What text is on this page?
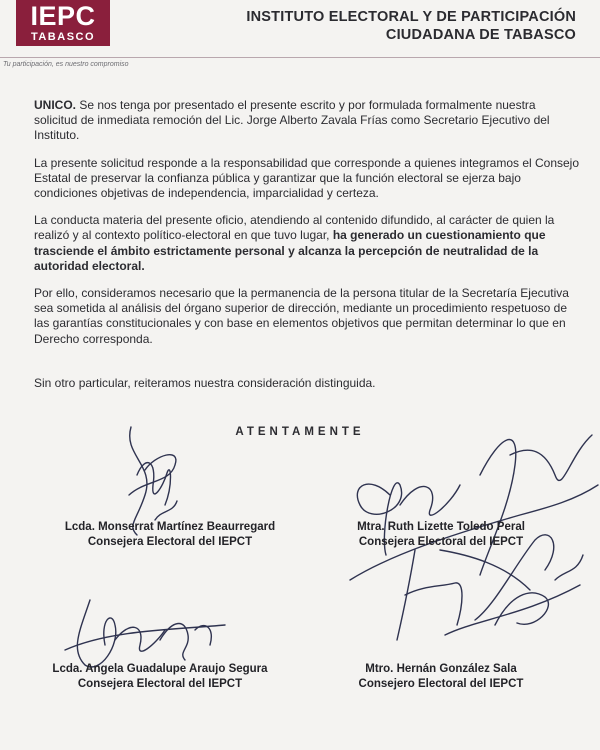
IEPC
TABASCO
INSTITUTO ELECTORAL Y DE PARTICIPACIÓN
CIUDADANA DE TABASCO
Tu participación, es nuestro compromiso

UNICO. Se nos tenga por presentado el presente escrito y por formulada formalmente nuestra solicitud de inmediata remoción del Lic. Jorge Alberto Zavala Frías como Secretario Ejecutivo del Instituto.

La presente solicitud responde a la responsabilidad que corresponde a quienes integramos el Consejo Estatal de preservar la confianza pública y garantizar que la función electoral se ejerza bajo condiciones objetivas de independencia, imparcialidad y certeza.

La conducta materia del presente oficio, atendiendo al contenido difundido, al carácter de quien la realizó y al contexto político-electoral en que tuvo lugar, ha generado un cuestionamiento que trasciende el ámbito estrictamente personal y alcanza la percepción de neutralidad de la autoridad electoral.

Por ello, consideramos necesario que la permanencia de la persona titular de la Secretaría Ejecutiva sea sometida al análisis del órgano superior de dirección, mediante un procedimiento respetuoso de las garantías constitucionales y con base en elementos objetivos que permitan determinar lo que en Derecho corresponda.

Sin otro particular, reiteramos nuestra consideración distinguida.
ATENTAMENTE
Lcda. Monserrat Martínez Beaurregard
Consejera Electoral del IEPCT
Mtra. Ruth Lizette Toledo Peral
Consejera Electoral del IEPCT
Lcda. Angela Guadalupe Araujo Segura
Consejera Electoral del IEPCT
Mtro. Hernán González Sala
Consejero Electoral del IEPCT
